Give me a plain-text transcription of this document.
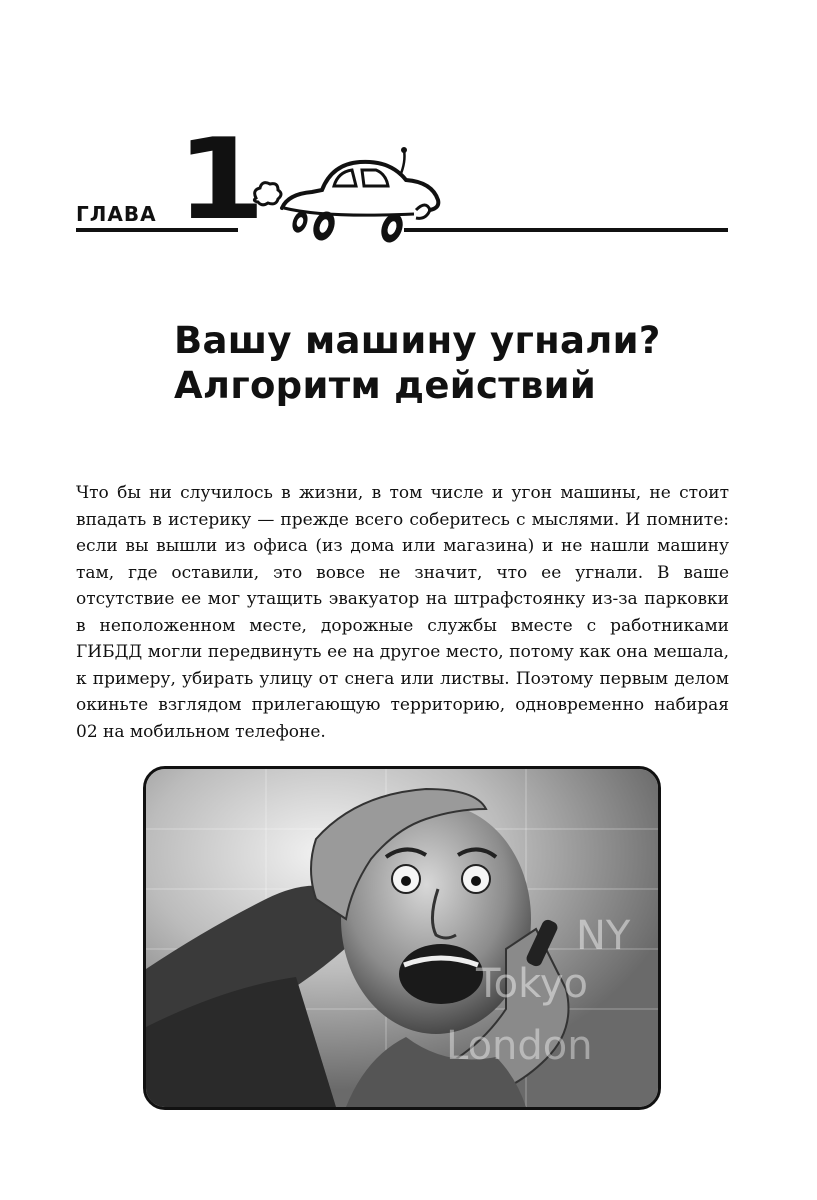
ГЛАВА 1
Вашу машину угнали?
Алгоритм действий

Что бы ни случилось в жизни, в том числе и угон машины, не стоит впадать в истерику — прежде всего соберитесь с мыслями. И помните: если вы вышли из офиса (из дома или магазина) и не нашли машину там, где оставили, это вовсе не значит, что ее угнали. В ваше отсутствие ее мог утащить эвакуатор на штрафстоянку из-за парковки в неположенном месте, дорожные службы вместе с работниками ГИБДД могли передвинуть ее на другое место, потому как она мешала, к примеру, убирать улицу от снега или листвы. Поэтому первым делом окиньте взглядом прилегающую территорию, одновременно набирая 02 на мобильном телефоне.

NY
Tokyo
London
